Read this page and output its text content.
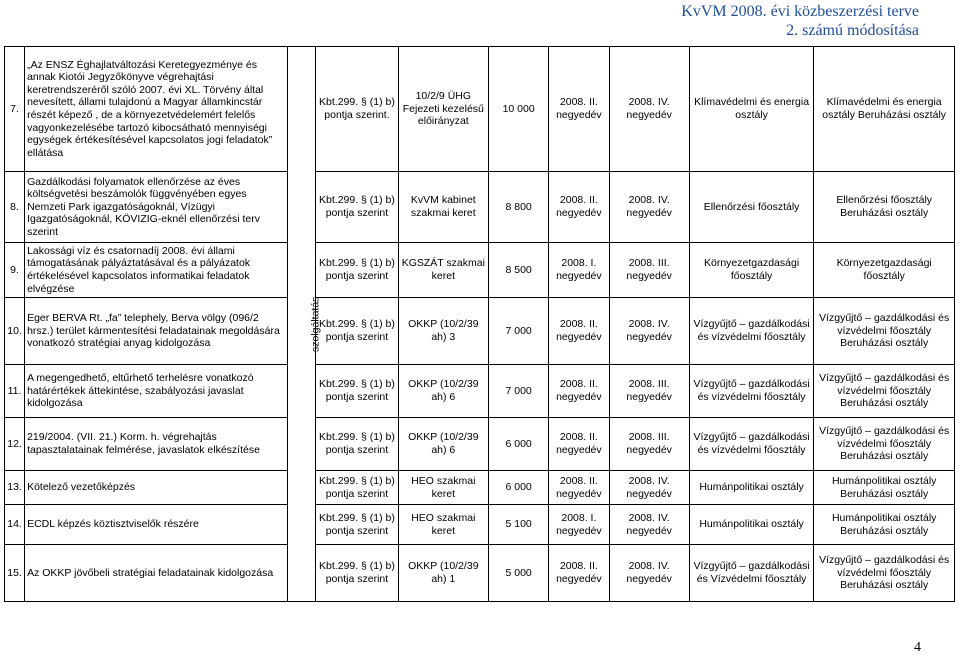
KvVM 2008. évi közbeszerzési terve
2. számú módosítása
7.	„Az ENSZ Éghajlatváltozási Keretegyezménye és annak Kiotói Jegyzőkönyve végrehajtási keretrendszeréről szóló 2007. évi XL. Törvény által nevesített, állami tulajdonú a Magyar államkincstár részét képező , de a környezetvédelemért felelős vagyonkezelésébe tartozó kibocsátható mennyiségi egységek értékesítésével kapcsolatos jogi feladatok” ellátása	szolgáltatás	Kbt.299. § (1) b) pontja szerint.	10/2/9 ÜHG Fejezeti kezelésű előirányzat	10 000	2008. II. negyedév	2008. IV. negyedév	Klímavédelmi és energia osztály	Klímavédelmi és energia osztály Beruházási osztály
8.	Gazdálkodási folyamatok ellenőrzése az éves költségvetési beszámolók függvényében egyes Nemzeti Park igazgatóságoknál, Vízügyi Igazgatóságoknál, KÖVIZIG-eknél ellenőrzési terv szerint		Kbt.299. § (1) b) pontja szerint	KvVM kabinet szakmai keret	8 800	2008. II. negyedév	2008. IV. negyedév	Ellenőrzési főosztály	Ellenőrzési főosztály Beruházási osztály
9.	Lakossági víz és csatornadíj 2008. évi állami támogatásának pályáztatásával és a pályázatok értékelésével kapcsolatos informatikai feladatok elvégzése		Kbt.299. § (1) b) pontja szerint	KGSZÁT szakmai keret	8 500	2008. I. negyedév	2008. III. negyedév	Környezetgazdasági főosztály	Környezetgazdasági főosztály
10.	Eger BERVA Rt. „fa” telephely, Berva völgy (096/2 hrsz.) terület kármentesítési feladatainak megoldására vonatkozó stratégiai anyag kidolgozása		Kbt.299. § (1) b) pontja szerint	OKKP (10/2/39 ah) 3	7 000	2008. II. negyedév	2008. IV. negyedév	Vízgyűjtő – gazdálkodási és vízvédelmi főosztály	Vízgyűjtő – gazdálkodási és vízvédelmi főosztály Beruházási osztály
11.	A megengedhető, eltűrhető terhelésre vonatkozó határértékek áttekintése, szabályozási javaslat kidolgozása		Kbt.299. § (1) b) pontja szerint	OKKP (10/2/39 ah) 6	7 000	2008. II. negyedév	2008. III. negyedév	Vízgyűjtő – gazdálkodási és vízvédelmi főosztály	Vízgyűjtő – gazdálkodási és vízvédelmi főosztály Beruházási osztály
12.	219/2004. (VII. 21.) Korm. h. végrehajtás tapasztalatainak felmérése, javaslatok elkészítése		Kbt.299. § (1) b) pontja szerint	OKKP (10/2/39 ah) 6	6 000	2008. II. negyedév	2008. III. negyedév	Vízgyűjtő – gazdálkodási és vízvédelmi főosztály	Vízgyűjtő – gazdálkodási és vízvédelmi főosztály Beruházási osztály
13.	Kötelező vezetőképzés		Kbt.299. § (1) b) pontja szerint	HEO szakmai keret	6 000	2008. II. negyedév	2008. IV. negyedév	Humánpolitikai osztály	Humánpolitikai osztály Beruházási osztály
14.	ECDL képzés köztisztviselők részére		Kbt.299. § (1) b) pontja szerint	HEO szakmai keret	5 100	2008. I. negyedév	2008. IV. negyedév	Humánpolitikai osztály	Humánpolitikai osztály Beruházási osztály
15.	Az OKKP jövőbeli stratégiai feladatainak kidolgozása		Kbt.299. § (1) b) pontja szerint	OKKP (10/2/39 ah) 1	5 000	2008. II. negyedév	2008. IV. negyedév	Vízgyűjtő – gazdálkodási és Vízvédelmi főosztály	Vízgyűjtő – gazdálkodási és vízvédelmi főosztály Beruházási osztály
4
